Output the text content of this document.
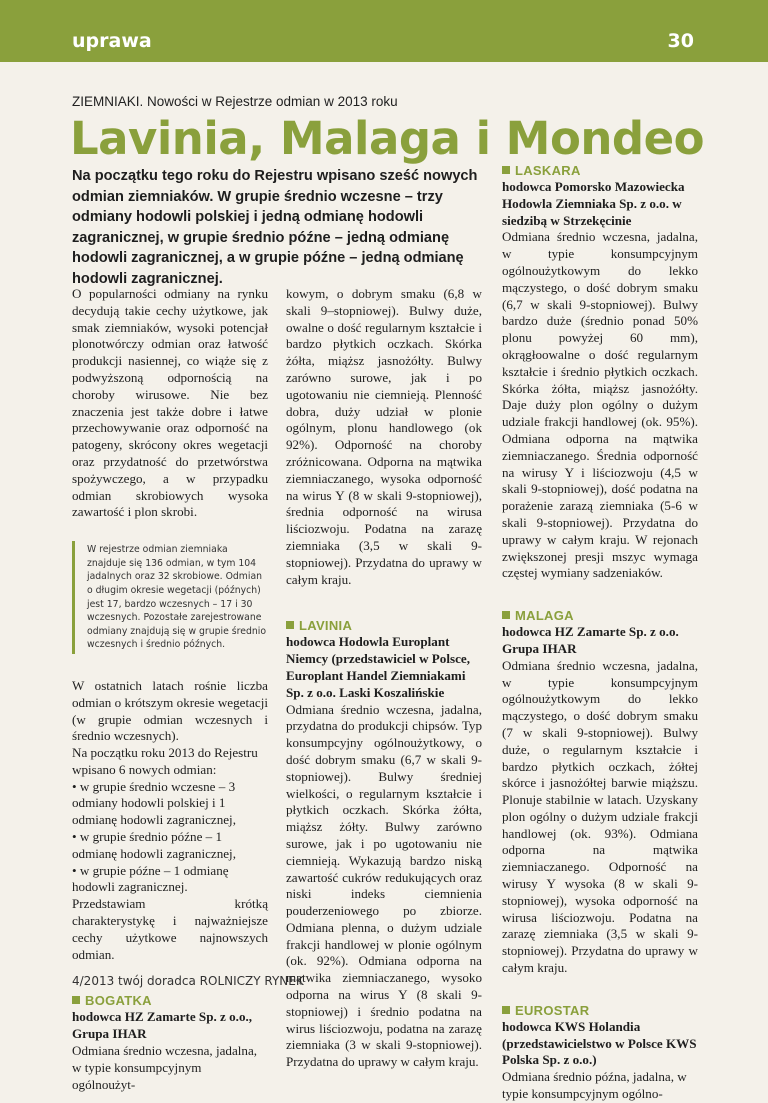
uprawa	30
ZIEMNIAKI. Nowości w Rejestrze odmian w 2013 roku
Lavinia, Malaga i Mondeo

Na początku tego roku do Rejestru wpisano sześć nowych odmian ziemniaków. W grupie średnio wczesne – trzy odmiany hodowli polskiej i jedną odmianę hodowli zagranicznej, w grupie średnio późne – jedną odmianę hodowli zagranicznej, a w grupie późne – jedną odmianę hodowli zagranicznej.

O popularności odmiany na rynku decydują takie cechy użytkowe, jak smak ziemniaków, wysoki potencjał plonotwórczy odmian oraz łatwość produkcji nasiennej, co wiąże się z podwyższoną odpornością na choroby wirusowe. Nie bez znaczenia jest także dobre i łatwe przechowywanie oraz odporność na patogeny, skrócony okres wegetacji oraz przydatność do przetwórstwa spożywczego, a w przypadku odmian skrobiowych wysoka zawartość i plon skrobi.

W rejestrze odmian ziemniaka znajduje się 136 odmian, w tym 104 jadalnych oraz 32 skrobiowe. Odmian o długim okresie wegetacji (późnych) jest 17, bardzo wczesnych – 17 i 30 wczesnych. Pozostałe zarejestrowane odmiany znajdują się w grupie średnio wczesnych i średnio późnych.

W ostatnich latach rośnie liczba odmian o krótszym okresie wegetacji (w grupie odmian wczesnych i średnio wczesnych).

Na początku roku 2013 do Rejestru wpisano 6 nowych odmian:

• w grupie średnio wczesne – 3 odmiany hodowli polskiej i 1 odmianę hodowli zagranicznej,

• w grupie średnio późne – 1 odmianę hodowli zagranicznej,

• w grupie późne – 1 odmianę hodowli zagranicznej.

Przedstawiam krótką charakterystykę i najważniejsze cechy użytkowe najnowszych odmian.

BOGATKA

hodowca HZ Zamarte Sp. z o.o., Grupa IHAR

Odmiana średnio wczesna, jadalna, w typie konsumpcyjnym ogólnoużyt-

kowym, o dobrym smaku (6,8 w skali 9–stopniowej). Bulwy duże, owalne o dość regularnym kształcie i bardzo płytkich oczkach. Skórka żółta, miąższ jasnożółty. Bulwy zarówno surowe, jak i po ugotowaniu nie ciemnieją. Plenność dobra, duży udział w plonie ogólnym, plonu handlowego (ok 92%). Odporność na choroby zróżnicowana. Odporna na mątwika ziemniaczanego, wysoka odporność na wirus Y (8 w skali 9-stopniowej), średnia odporność na wirusa liściozwoju. Podatna na zarazę ziemniaka (3,5 w skali 9-stopniowej). Przydatna do uprawy w całym kraju.

LAVINIA

hodowca Hodowla Europlant Niemcy (przedstawiciel w Polsce, Europlant Handel Ziemniakami Sp. z o.o. Laski Koszalińskie

Odmiana średnio wczesna, jadalna, przydatna do produkcji chipsów. Typ konsumpcyjny ogólnoużytkowy, o dość dobrym smaku (6,7 w skali 9-stopniowej). Bulwy średniej wielkości, o regularnym kształcie i płytkich oczkach. Skórka żółta, miąższ żółty. Bulwy zarówno surowe, jak i po ugotowaniu nie ciemnieją. Wykazują bardzo niską zawartość cukrów redukujących oraz niski indeks ciemnienia pouderzeniowego po zbiorze. Odmiana plenna, o dużym udziale frakcji handlowej w plonie ogólnym (ok. 92%). Odmiana odporna na mątwika ziemniaczanego, wysoko odporna na wirus Y (8 skali 9-stopniowej) i średnio podatna na wirus liściozwoju, podatna na zarazę ziemniaka (3 w skali 9-stopniowej). Przydatna do uprawy w całym kraju.

LASKARA

hodowca Pomorsko Mazowiecka Hodowla Ziemniaka Sp. z o.o. w siedzibą w Strzekęcinie

Odmiana średnio wczesna, jadalna, w typie konsumpcyjnym ogólnoużytkowym do lekko mączystego, o dość dobrym smaku (6,7 w skali 9-stopniowej). Bulwy bardzo duże (średnio ponad 50% plonu powyżej 60 mm), okrągłoowalne o dość regularnym kształcie i średnio płytkich oczkach. Skórka żółta, miąższ jasnożółty. Daje duży plon ogólny o dużym udziale frakcji handlowej (ok. 95%). Odmiana odporna na mątwika ziemniaczanego. Średnia odporność na wirusy Y i liściozwoju (4,5 w skali 9-stopniowej), dość podatna na porażenie zarazą ziemniaka (5-6 w skali 9-stopniowej). Przydatna do uprawy w całym kraju. W rejonach zwiększonej presji mszyc wymaga częstej wymiany sadzeniaków.

MALAGA

hodowca HZ Zamarte Sp. z o.o. Grupa IHAR

Odmiana średnio wczesna, jadalna, w typie konsumpcyjnym ogólnoużytkowym do lekko mączystego, o dość dobrym smaku (7 w skali 9-stopniowej). Bulwy duże, o regularnym kształcie i bardzo płytkich oczkach, żółtej skórce i jasnożółtej barwie miąższu. Plonuje stabilnie w latach. Uzyskany plon ogólny o dużym udziale frakcji handlowej (ok. 93%). Odmiana odporna na mątwika ziemniaczanego. Odporność na wirusy Y wysoka (8 w skali 9-stopniowej), wysoka odporność na wirusa liściozwoju. Podatna na zarazę ziemniaka (3,5 w skali 9-stopniowej). Przydatna do uprawy w całym kraju.

EUROSTAR

hodowca KWS Holandia (przedstawicielstwo w Polsce KWS Polska Sp. z o.o.)

Odmiana średnio późna, jadalna, w typie konsumpcyjnym ogólno-

4/2013 twój doradca ROLNICZY RYNEK
